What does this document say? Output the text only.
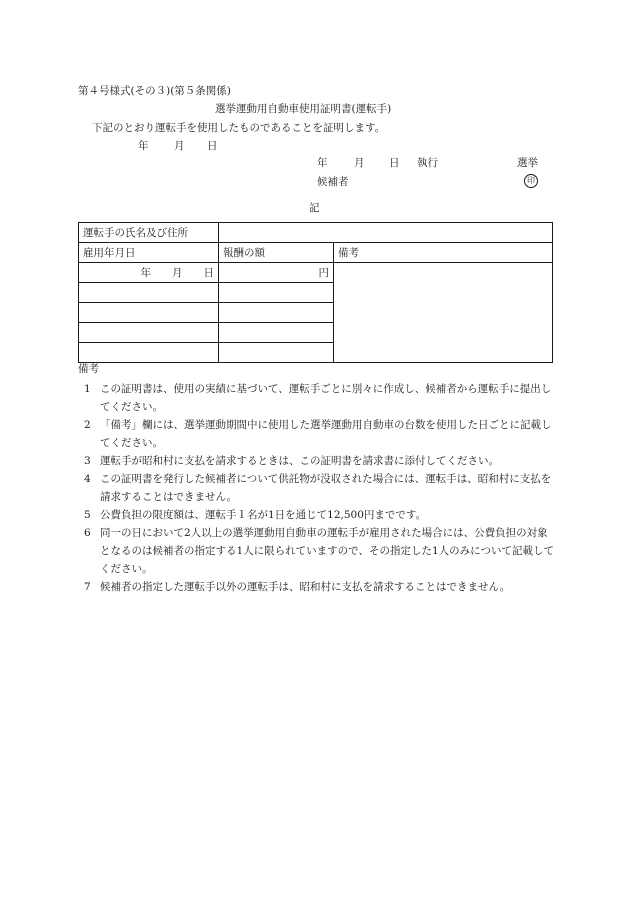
第４号様式(その３)(第５条関係)
選挙運動用自動車使用証明書(運転手)
下記のとおり運転手を使用したものであることを証明します。
年 月 日
年	月 日 執行	選挙
候補者	印
記
運転手の氏名及び住所		
雇用年月日	報酬の額	備考
年　　月　　日	円	

備考
1 この証明書は、使用の実績に基づいて、運転手ごとに別々に作成し、候補者から運転手に提出してください。
2 「備考」欄には、選挙運動期間中に使用した選挙運動用自動車の台数を使用した日ごとに記載してください。
3 運転手が昭和村に支払を請求するときは、この証明書を請求書に添付してください。
4 この証明書を発行した候補者について供託物が没収された場合には、運転手は、昭和村に支払を請求することはできません。
5 公費負担の限度額は、運転手１名が1日を通じて12,500円までです。
6 同一の日において2人以上の選挙運動用自動車の運転手が雇用された場合には、公費負担の対象となるのは候補者の指定する1人に限られていますので、その指定した1人のみについて記載してください。
7 候補者の指定した運転手以外の運転手は、昭和村に支払を請求することはできません。
